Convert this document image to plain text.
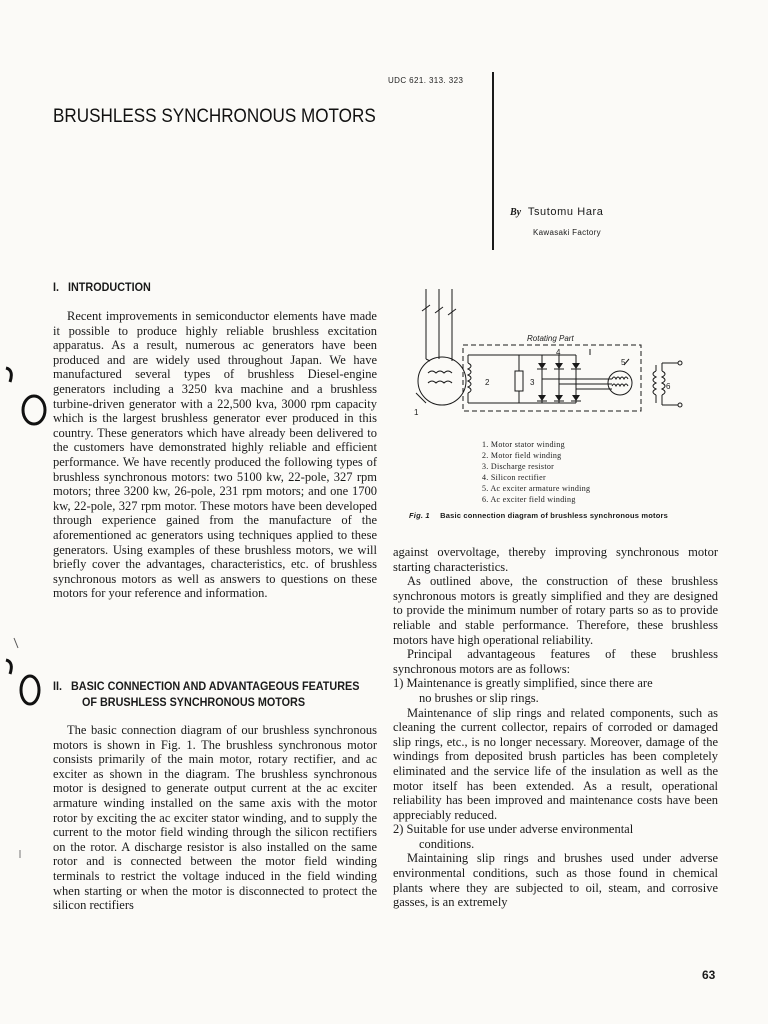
UDC 621. 313. 323
BRUSHLESS SYNCHRONOUS MOTORS
By Tsutomu Hara
Kawasaki Factory
I.   INTRODUCTION
Recent improvements in semiconductor elements have made it possible to produce highly reliable brushless excitation apparatus. As a result, numerous ac generators have been produced and are widely used throughout Japan. We have manufactured several types of brushless Diesel-engine generators including a 3250 kva machine and a brushless turbine-driven generator with a 22,500 kva, 3000 rpm capacity which is the largest brushless generator ever produced in this country. These generators which have already been delivered to the customers have demonstrated highly reliable and efficient performance. We have recently produced the following types of brushless synchronous motors: two 5100 kw, 22-pole, 327 rpm motors; three 3200 kw, 26-pole, 231 rpm motors; and one 1700 kw, 22-pole, 327 rpm motor. These motors have been developed through experience gained from the manufacture of the aforementioned ac generators using techniques applied to these generators. Using examples of these brushless motors, we will briefly cover the advantages, characteristics, etc. of brushless synchronous motors as well as answers to questions on these motors for your reference and information.
II.   BASIC CONNECTION AND ADVANTAGEOUS FEATURES
OF BRUSHLESS SYNCHRONOUS MOTORS
The basic connection diagram of our brushless synchronous motors is shown in Fig. 1. The brushless synchronous motor consists primarily of the main motor, rotary rectifier, and ac exciter as shown in the diagram. The brushless synchronous motor is designed to generate output current at the ac exciter armature winding installed on the same axis with the motor rotor by exciting the ac exciter stator winding, and to supply the current to the motor field winding through the silicon rectifiers on the rotor. A discharge resistor is also installed on the same rotor and is connected between the motor field winding terminals to restrict the voltage induced in the field winding when starting or when the motor is disconnected to protect the silicon rectifiers
Rotating Part
1
2	3
4
5
6
1. Motor stator winding
2. Motor field winding
3. Discharge resistor
4. Silicon rectifier
5. Ac exciter armature winding
6. Ac exciter field winding
Fig. 1 Basic connection diagram of brushless synchronous motors

against overvoltage, thereby improving synchronous motor starting characteristics.

As outlined above, the construction of these brushless synchronous motors is greatly simplified and they are designed to provide the minimum number of rotary parts so as to provide reliable and stable performance. Therefore, these brushless motors have high operational reliability.

Principal advantageous features of these brushless synchronous motors are as follows:

1) Maintenance is greatly simplified, since there are

no brushes or slip rings.

Maintenance of slip rings and related components, such as cleaning the current collector, repairs of corroded or damaged slip rings, etc., is no longer necessary. Moreover, damage of the windings from deposited brush particles has been completely eliminated and the service life of the insulation as well as the motor itself has been extended. As a result, operational reliability has been improved and maintenance costs have been appreciably reduced.

2) Suitable for use under adverse environmental

conditions.

Maintaining slip rings and brushes used under adverse environmental conditions, such as those found in chemical plants where they are subjected to oil, steam, and corrosive gasses, is an extremely

63
